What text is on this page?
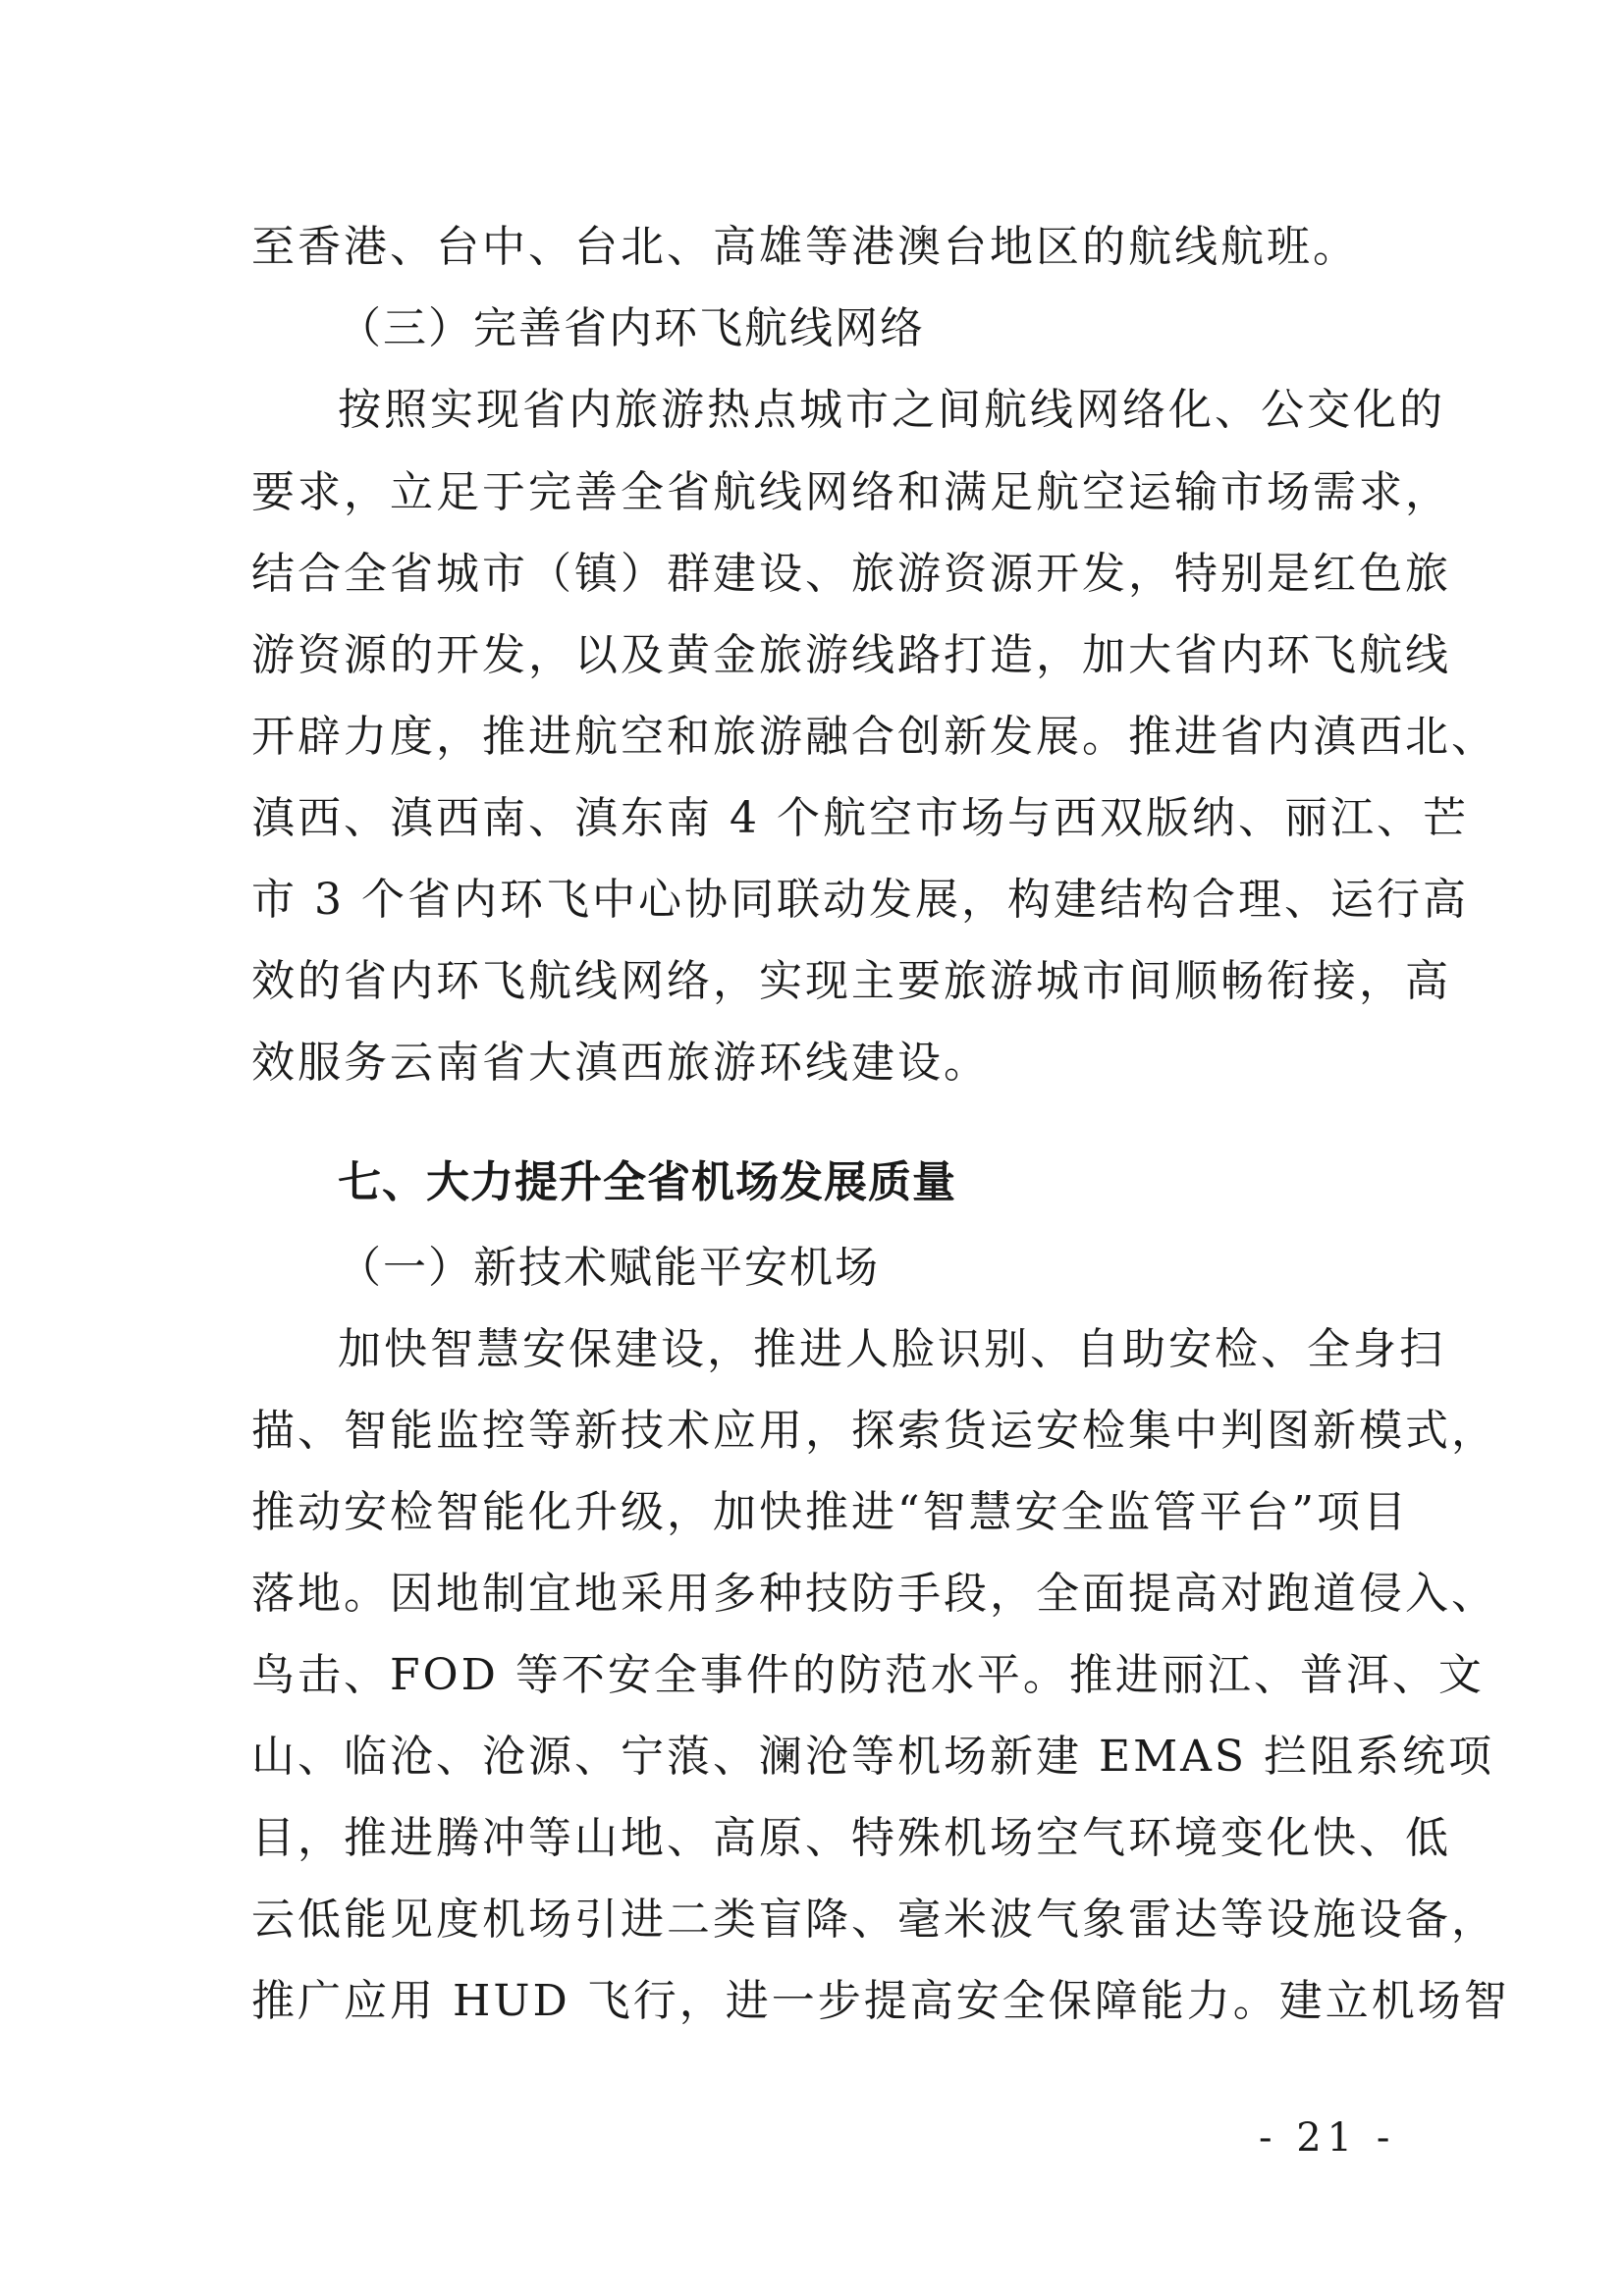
至香港、台中、台北、高雄等港澳台地区的航线航班。
（三）完善省内环飞航线网络
按照实现省内旅游热点城市之间航线网络化、公交化的
要求，立足于完善全省航线网络和满足航空运输市场需求，
结合全省城市（镇）群建设、旅游资源开发，特别是红色旅
游资源的开发，以及黄金旅游线路打造，加大省内环飞航线
开辟力度，推进航空和旅游融合创新发展。推进省内滇西北、
滇西、滇西南、滇东南 4 个航空市场与西双版纳、丽江、芒
市 3 个省内环飞中心协同联动发展，构建结构合理、运行高
效的省内环飞航线网络，实现主要旅游城市间顺畅衔接，高
效服务云南省大滇西旅游环线建设。
七、大力提升全省机场发展质量
（一）新技术赋能平安机场
加快智慧安保建设，推进人脸识别、自助安检、全身扫
描、智能监控等新技术应用，探索货运安检集中判图新模式，
推动安检智能化升级，加快推进“智慧安全监管平台”项目
落地。因地制宜地采用多种技防手段，全面提高对跑道侵入、
鸟击、FOD 等不安全事件的防范水平。推进丽江、普洱、文
山、临沧、沧源、宁蒗、澜沧等机场新建 EMAS 拦阻系统项
目，推进腾冲等山地、高原、特殊机场空气环境变化快、低
云低能见度机场引进二类盲降、毫米波气象雷达等设施设备，
推广应用 HUD 飞行，进一步提高安全保障能力。建立机场智
- 21 -
